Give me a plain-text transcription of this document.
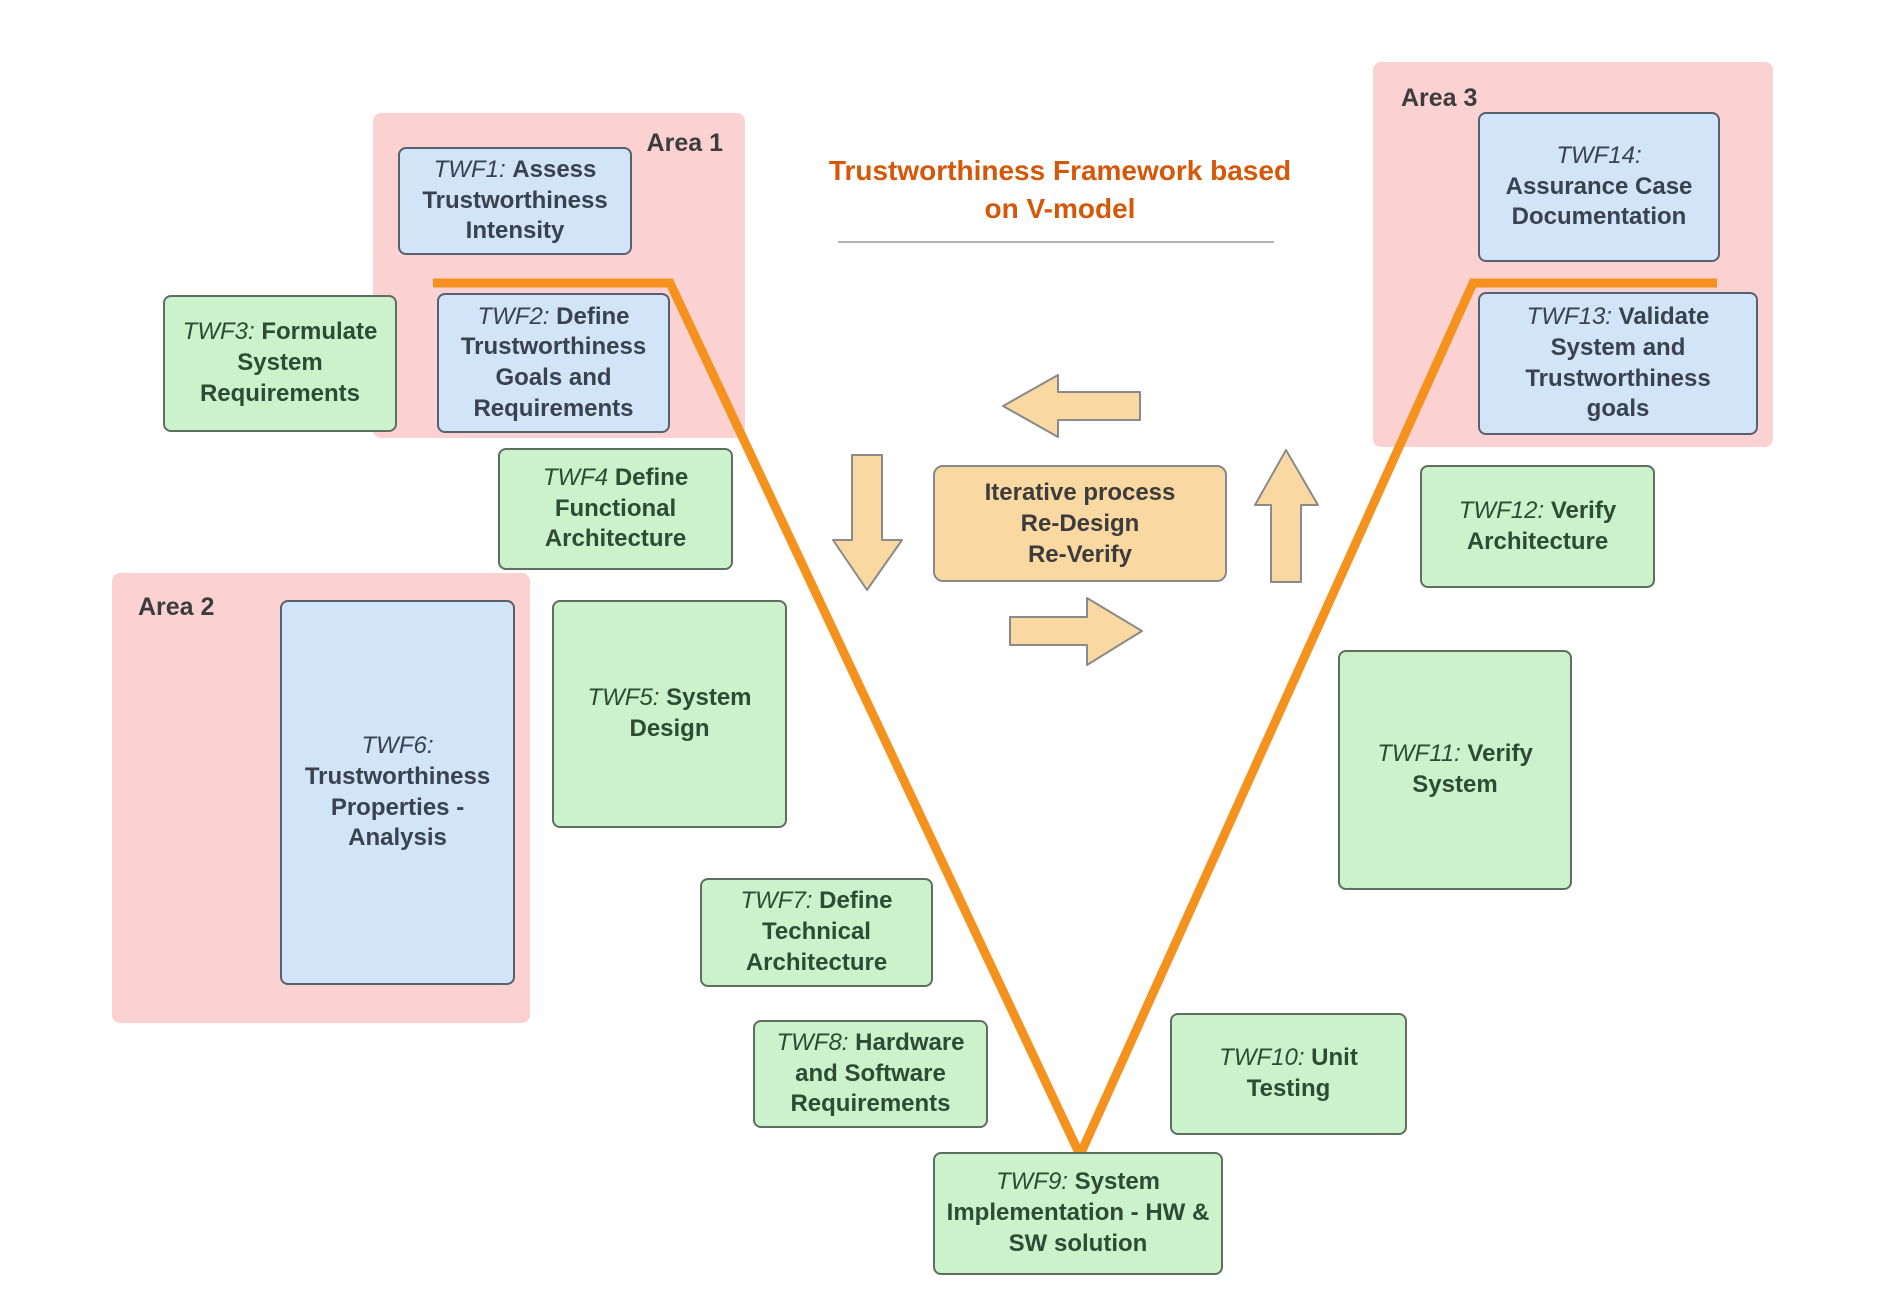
Area 1
Area 2
Area 3
Trustworthiness Framework based
on V-model
Iterative process
Re-Design
Re-Verify
TWF1: Assess Trustworthiness Intensity
TWF2: Define Trustworthiness Goals and Requirements
TWF3: Formulate System Requirements
TWF4 Define Functional Architecture
TWF5: System Design
TWF6:
Trustworthiness Properties - Analysis
TWF7: Define Technical Architecture
TWF8: Hardware and Software Requirements
TWF9: System Implementation - HW & SW solution
TWF10: Unit Testing
TWF11: Verify System
TWF12: Verify Architecture
TWF13: Validate System and Trustworthiness goals
TWF14:
Assurance Case Documentation
